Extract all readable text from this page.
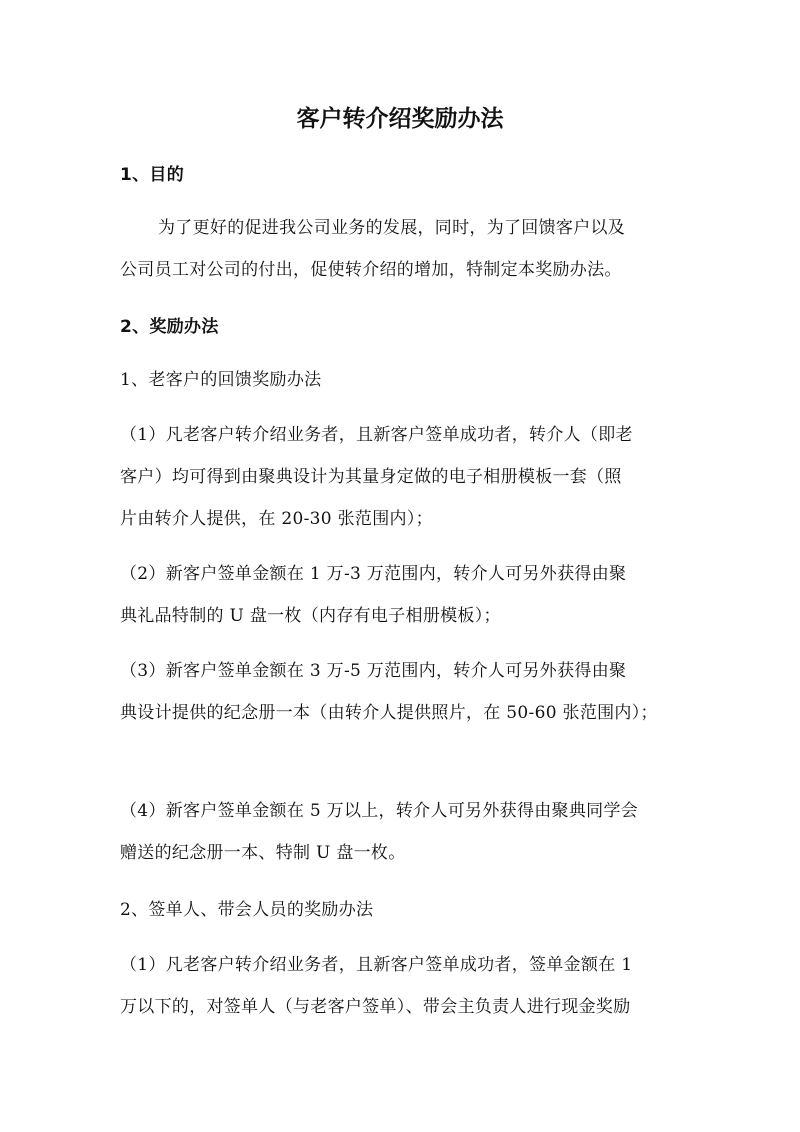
客户转介绍奖励办法
1、目的
为了更好的促进我公司业务的发展，同时，为了回馈客户以及
公司员工对公司的付出，促使转介绍的增加，特制定本奖励办法。
2、奖励办法
1、老客户的回馈奖励办法
（1）凡老客户转介绍业务者，且新客户签单成功者，转介人（即老
客户）均可得到由聚典设计为其量身定做的电子相册模板一套（照
片由转介人提供，在 20-30 张范围内）；
（2）新客户签单金额在 1 万-3 万范围内，转介人可另外获得由聚
典礼品特制的 U 盘一枚（内存有电子相册模板）；
（3）新客户签单金额在 3 万-5 万范围内，转介人可另外获得由聚
典设计提供的纪念册一本（由转介人提供照片，在 50-60 张范围内）；
（4）新客户签单金额在 5 万以上，转介人可另外获得由聚典同学会
赠送的纪念册一本、特制 U 盘一枚。
2、签单人、带会人员的奖励办法
（1）凡老客户转介绍业务者，且新客户签单成功者，签单金额在 1
万以下的，对签单人（与老客户签单）、带会主负责人进行现金奖励
